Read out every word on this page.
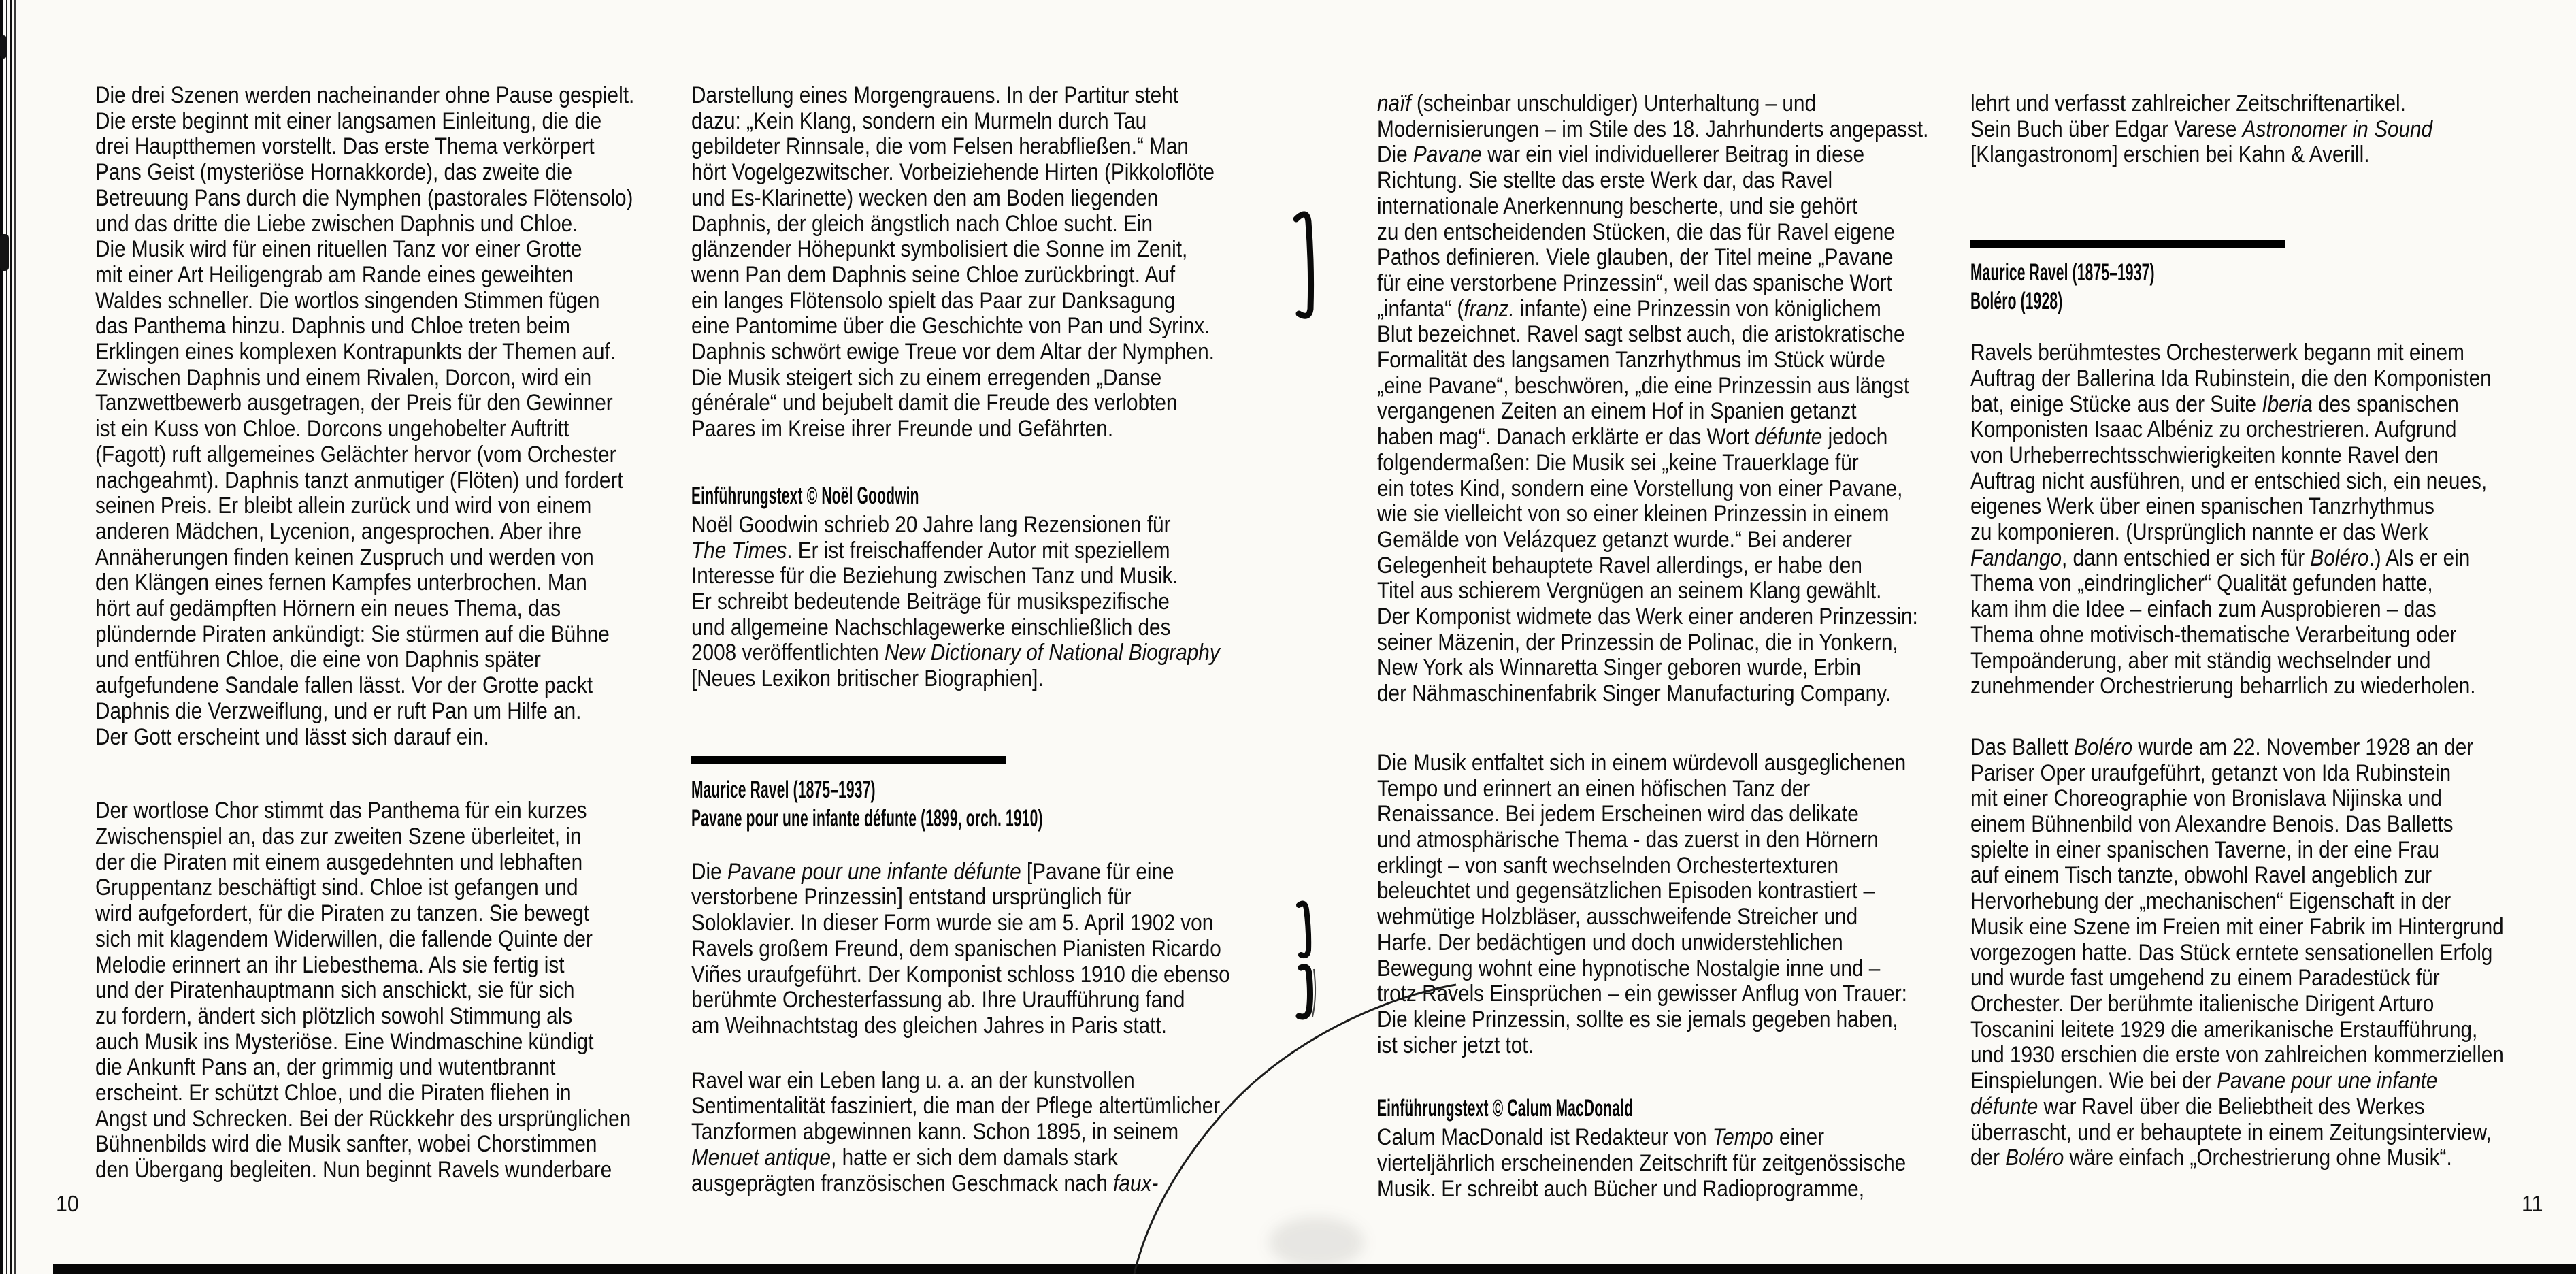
Die drei Szenen werden nacheinander ohne Pause gespielt.
Die erste beginnt mit einer langsamen Einleitung, die die
drei Hauptthemen vorstellt. Das erste Thema verkörpert
Pans Geist (mysteriöse Hornakkorde), das zweite die
Betreuung Pans durch die Nymphen (pastorales Flötensolo)
und das dritte die Liebe zwischen Daphnis und Chloe.
Die Musik wird für einen rituellen Tanz vor einer Grotte
mit einer Art Heiligengrab am Rande eines geweihten
Waldes schneller. Die wortlos singenden Stimmen fügen
das Panthema hinzu. Daphnis und Chloe treten beim
Erklingen eines komplexen Kontrapunkts der Themen auf.
Zwischen Daphnis und einem Rivalen, Dorcon, wird ein
Tanzwettbewerb ausgetragen, der Preis für den Gewinner
ist ein Kuss von Chloe. Dorcons ungehobelter Auftritt
(Fagott) ruft allgemeines Gelächter hervor (vom Orchester
nachgeahmt). Daphnis tanzt anmutiger (Flöten) und fordert
seinen Preis. Er bleibt allein zurück und wird von einem
anderen Mädchen, Lycenion, angesprochen. Aber ihre
Annäherungen finden keinen Zuspruch und werden von
den Klängen eines fernen Kampfes unterbrochen. Man
hört auf gedämpften Hörnern ein neues Thema, das
plündernde Piraten ankündigt: Sie stürmen auf die Bühne
und entführen Chloe, die eine von Daphnis später
aufgefundene Sandale fallen lässt. Vor der Grotte packt
Daphnis die Verzweiflung, und er ruft Pan um Hilfe an.
Der Gott erscheint und lässt sich darauf ein.
Der wortlose Chor stimmt das Panthema für ein kurzes
Zwischenspiel an, das zur zweiten Szene überleitet, in
der die Piraten mit einem ausgedehnten und lebhaften
Gruppentanz beschäftigt sind. Chloe ist gefangen und
wird aufgefordert, für die Piraten zu tanzen. Sie bewegt
sich mit klagendem Widerwillen, die fallende Quinte der
Melodie erinnert an ihr Liebesthema. Als sie fertig ist
und der Piratenhauptmann sich anschickt, sie für sich
zu fordern, ändert sich plötzlich sowohl Stimmung als
auch Musik ins Mysteriöse. Eine Windmaschine kündigt
die Ankunft Pans an, der grimmig und wutentbrannt
erscheint. Er schützt Chloe, und die Piraten fliehen in
Angst und Schrecken. Bei der Rückkehr des ursprünglichen
Bühnenbilds wird die Musik sanfter, wobei Chorstimmen
den Übergang begleiten. Nun beginnt Ravels wunderbare
Darstellung eines Morgengrauens. In der Partitur steht
dazu: „Kein Klang, sondern ein Murmeln durch Tau
gebildeter Rinnsale, die vom Felsen herabfließen.“ Man
hört Vogelgezwitscher. Vorbeiziehende Hirten (Pikkoloflöte
und Es-Klarinette) wecken den am Boden liegenden
Daphnis, der gleich ängstlich nach Chloe sucht. Ein
glänzender Höhepunkt symbolisiert die Sonne im Zenit,
wenn Pan dem Daphnis seine Chloe zurückbringt. Auf
ein langes Flötensolo spielt das Paar zur Danksagung
eine Pantomime über die Geschichte von Pan und Syrinx.
Daphnis schwört ewige Treue vor dem Altar der Nymphen.
Die Musik steigert sich zu einem erregenden „Danse
générale“ und bejubelt damit die Freude des verlobten
Paares im Kreise ihrer Freunde und Gefährten.
Einführungstext © Noël Goodwin
Noël Goodwin schrieb 20 Jahre lang Rezensionen für
The Times. Er ist freischaffender Autor mit speziellem
Interesse für die Beziehung zwischen Tanz und Musik.
Er schreibt bedeutende Beiträge für musikspezifische
und allgemeine Nachschlagewerke einschließlich des
2008 veröffentlichten New Dictionary of National Biography
[Neues Lexikon britischer Biographien].
Maurice Ravel (1875–1937)
Pavane pour une infante défunte (1899, orch. 1910)
Die Pavane pour une infante défunte [Pavane für eine
verstorbene Prinzessin] entstand ursprünglich für
Soloklavier. In dieser Form wurde sie am 5. April 1902 von
Ravels großem Freund, dem spanischen Pianisten Ricardo
Viñes uraufgeführt. Der Komponist schloss 1910 die ebenso
berühmte Orchesterfassung ab. Ihre Uraufführung fand
am Weihnachtstag des gleichen Jahres in Paris statt.
Ravel war ein Leben lang u. a. an der kunstvollen
Sentimentalität fasziniert, die man der Pflege altertümlicher
Tanzformen abgewinnen kann. Schon 1895, in seinem
Menuet antique, hatte er sich dem damals stark
ausgeprägten französischen Geschmack nach faux-
naïf (scheinbar unschuldiger) Unterhaltung – und
Modernisierungen – im Stile des 18. Jahrhunderts angepasst.
Die Pavane war ein viel individuellerer Beitrag in diese
Richtung. Sie stellte das erste Werk dar, das Ravel
internationale Anerkennung bescherte, und sie gehört
zu den entscheidenden Stücken, die das für Ravel eigene
Pathos definieren. Viele glauben, der Titel meine „Pavane
für eine verstorbene Prinzessin“, weil das spanische Wort
„infanta“ (franz. infante) eine Prinzessin von königlichem
Blut bezeichnet. Ravel sagt selbst auch, die aristokratische
Formalität des langsamen Tanzrhythmus im Stück würde
„eine Pavane“, beschwören, „die eine Prinzessin aus längst
vergangenen Zeiten an einem Hof in Spanien getanzt
haben mag“. Danach erklärte er das Wort défunte jedoch
folgendermaßen: Die Musik sei „keine Trauerklage für
ein totes Kind, sondern eine Vorstellung von einer Pavane,
wie sie vielleicht von so einer kleinen Prinzessin in einem
Gemälde von Velázquez getanzt wurde.“ Bei anderer
Gelegenheit behauptete Ravel allerdings, er habe den
Titel aus schierem Vergnügen an seinem Klang gewählt.
Der Komponist widmete das Werk einer anderen Prinzessin:
seiner Mäzenin, der Prinzessin de Polinac, die in Yonkern,
New York als Winnaretta Singer geboren wurde, Erbin
der Nähmaschinenfabrik Singer Manufacturing Company.
Die Musik entfaltet sich in einem würdevoll ausgeglichenen
Tempo und erinnert an einen höfischen Tanz der
Renaissance. Bei jedem Erscheinen wird das delikate
und atmosphärische Thema - das zuerst in den Hörnern
erklingt – von sanft wechselnden Orchestertexturen
beleuchtet und gegensätzlichen Episoden kontrastiert –
wehmütige Holzbläser, ausschweifende Streicher und
Harfe. Der bedächtigen und doch unwiderstehlichen
Bewegung wohnt eine hypnotische Nostalgie inne und –
trotz Ravels Einsprüchen – ein gewisser Anflug von Trauer:
Die kleine Prinzessin, sollte es sie jemals gegeben haben,
ist sicher jetzt tot.
Einführungstext © Calum MacDonald
Calum MacDonald ist Redakteur von Tempo einer
vierteljährlich erscheinenden Zeitschrift für zeitgenössische
Musik. Er schreibt auch Bücher und Radioprogramme,
lehrt und verfasst zahlreicher Zeitschriftenartikel.
Sein Buch über Edgar Varese Astronomer in Sound
[Klangastronom] erschien bei Kahn & Averill.
Maurice Ravel (1875–1937)
Boléro (1928)
Ravels berühmtestes Orchesterwerk begann mit einem
Auftrag der Ballerina Ida Rubinstein, die den Komponisten
bat, einige Stücke aus der Suite Iberia des spanischen
Komponisten Isaac Albéniz zu orchestrieren. Aufgrund
von Urheberrechtsschwierigkeiten konnte Ravel den
Auftrag nicht ausführen, und er entschied sich, ein neues,
eigenes Werk über einen spanischen Tanzrhythmus
zu komponieren. (Ursprünglich nannte er das Werk
Fandango, dann entschied er sich für Boléro.) Als er ein
Thema von „eindringlicher“ Qualität gefunden hatte,
kam ihm die Idee – einfach zum Ausprobieren – das
Thema ohne motivisch-thematische Verarbeitung oder
Tempoänderung, aber mit ständig wechselnder und
zunehmender Orchestrierung beharrlich zu wiederholen.
Das Ballett Boléro wurde am 22. November 1928 an der
Pariser Oper uraufgeführt, getanzt von Ida Rubinstein
mit einer Choreographie von Bronislava Nijinska und
einem Bühnenbild von Alexandre Benois. Das Balletts
spielte in einer spanischen Taverne, in der eine Frau
auf einem Tisch tanzte, obwohl Ravel angeblich zur
Hervorhebung der „mechanischen“ Eigenschaft in der
Musik eine Szene im Freien mit einer Fabrik im Hintergrund
vorgezogen hatte. Das Stück erntete sensationellen Erfolg
und wurde fast umgehend zu einem Paradestück für
Orchester. Der berühmte italienische Dirigent Arturo
Toscanini leitete 1929 die amerikanische Erstaufführung,
und 1930 erschien die erste von zahlreichen kommerziellen
Einspielungen. Wie bei der Pavane pour une infante
défunte war Ravel über die Beliebtheit des Werkes
überrascht, und er behauptete in einem Zeitungsinterview,
der Boléro wäre einfach „Orchestrierung ohne Musik“.
10	11
